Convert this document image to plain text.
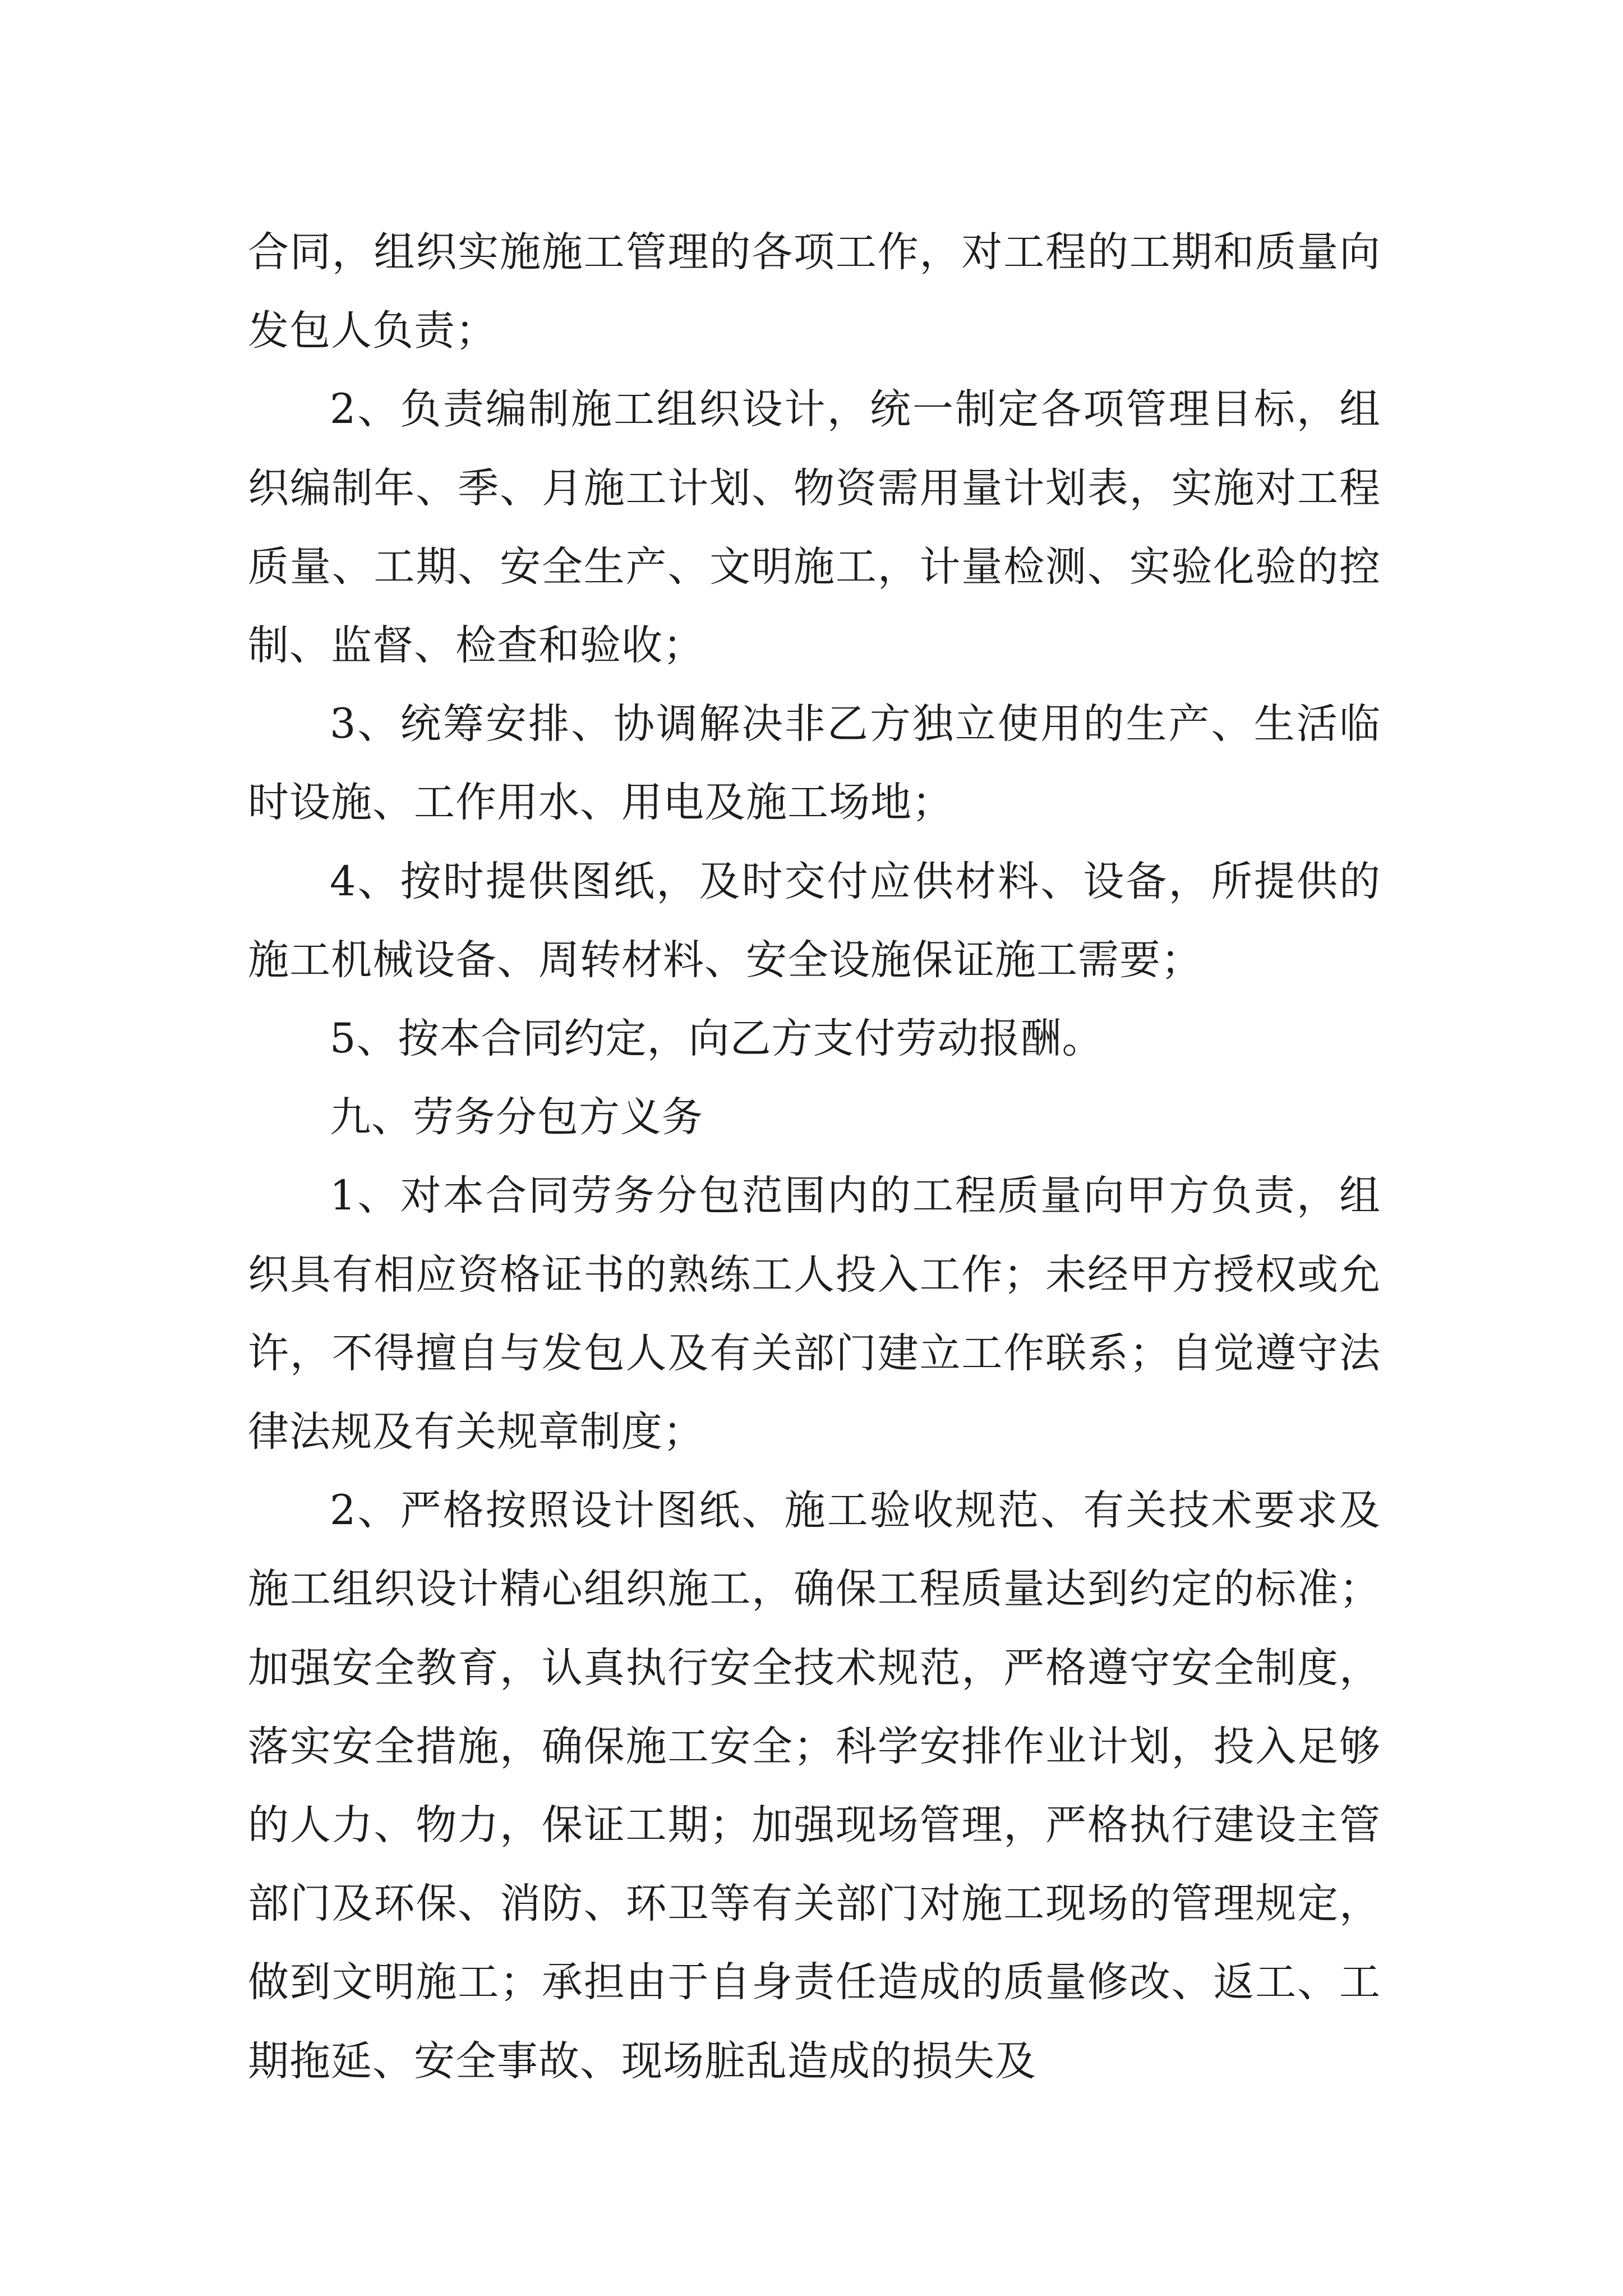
合同，组织实施施工管理的各项工作，对工程的工期和质量向发包人负责；

2、负责编制施工组织设计，统一制定各项管理目标，组织编制年、季、月施工计划、物资需用量计划表，实施对工程质量、工期、安全生产、文明施工，计量检测、实验化验的控制、监督、检查和验收；

3、统筹安排、协调解决非乙方独立使用的生产、生活临时设施、工作用水、用电及施工场地；

4、按时提供图纸，及时交付应供材料、设备，所提供的施工机械设备、周转材料、安全设施保证施工需要；

5、按本合同约定，向乙方支付劳动报酬。

九、劳务分包方义务

1、对本合同劳务分包范围内的工程质量向甲方负责，组织具有相应资格证书的熟练工人投入工作；未经甲方授权或允许，不得擅自与发包人及有关部门建立工作联系；自觉遵守法律法规及有关规章制度；

2、严格按照设计图纸、施工验收规范、有关技术要求及施工组织设计精心组织施工，确保工程质量达到约定的标准；加强安全教育，认真执行安全技术规范，严格遵守安全制度，落实安全措施，确保施工安全；科学安排作业计划，投入足够的人力、物力，保证工期；加强现场管理，严格执行建设主管部门及环保、消防、环卫等有关部门对施工现场的管理规定，做到文明施工；承担由于自身责任造成的质量修改、返工、工期拖延、安全事故、现场脏乱造成的损失及
